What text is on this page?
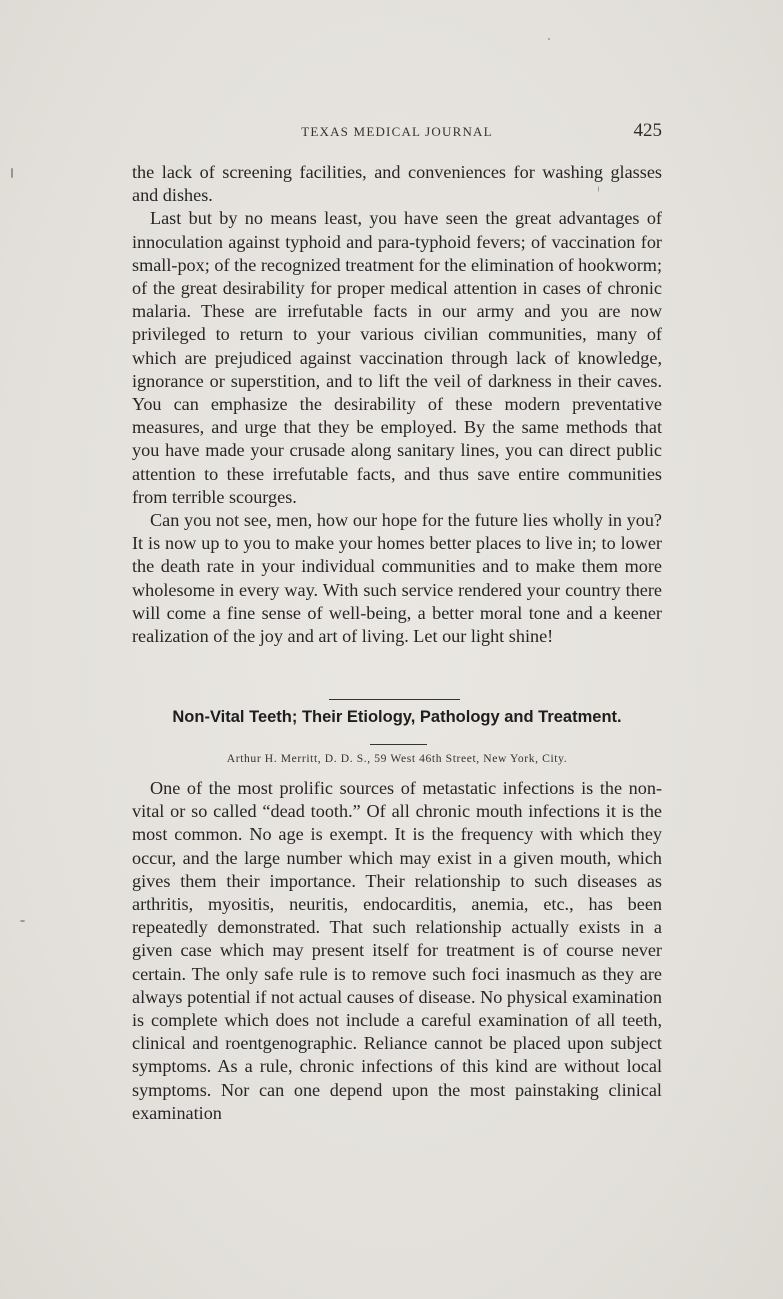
TEXAS MEDICAL JOURNAL	425

the lack of screening facilities, and conveniences for washing glasses and dishes.

Last but by no means least, you have seen the great advantages of innoculation against typhoid and para-typhoid fevers; of vaccination for small-pox; of the recognized treatment for the elimination of hookworm; of the great desirability for proper medical attention in cases of chronic malaria. These are irrefutable facts in our army and you are now privileged to return to your various civilian communities, many of which are prejudiced against vaccination through lack of knowledge, ignorance or superstition, and to lift the veil of darkness in their caves. You can emphasize the desirability of these modern preventative measures, and urge that they be employed. By the same methods that you have made your crusade along sanitary lines, you can direct public attention to these irrefutable facts, and thus save entire communities from terrible scourges.

Can you not see, men, how our hope for the future lies wholly in you? It is now up to you to make your homes better places to live in; to lower the death rate in your individual communities and to make them more wholesome in every way. With such service rendered your country there will come a fine sense of well-being, a better moral tone and a keener realization of the joy and art of living. Let our light shine!

Non-Vital Teeth; Their Etiology, Pathology and Treatment.
Arthur H. Merritt, D. D. S., 59 West 46th Street, New York, City.

One of the most prolific sources of metastatic infections is the non-vital or so called “dead tooth.” Of all chronic mouth infections it is the most common. No age is exempt. It is the frequency with which they occur, and the large number which may exist in a given mouth, which gives them their importance. Their relationship to such diseases as arthritis, myositis, neuritis, endocarditis, anemia, etc., has been repeatedly demonstrated. That such relationship actually exists in a given case which may present itself for treatment is of course never certain. The only safe rule is to remove such foci inasmuch as they are always potential if not actual causes of disease. No physical examination is complete which does not include a careful examination of all teeth, clinical and roentgenographic. Reliance cannot be placed upon subject symptoms. As a rule, chronic infections of this kind are without local symptoms. Nor can one depend upon the most painstaking clinical examination
